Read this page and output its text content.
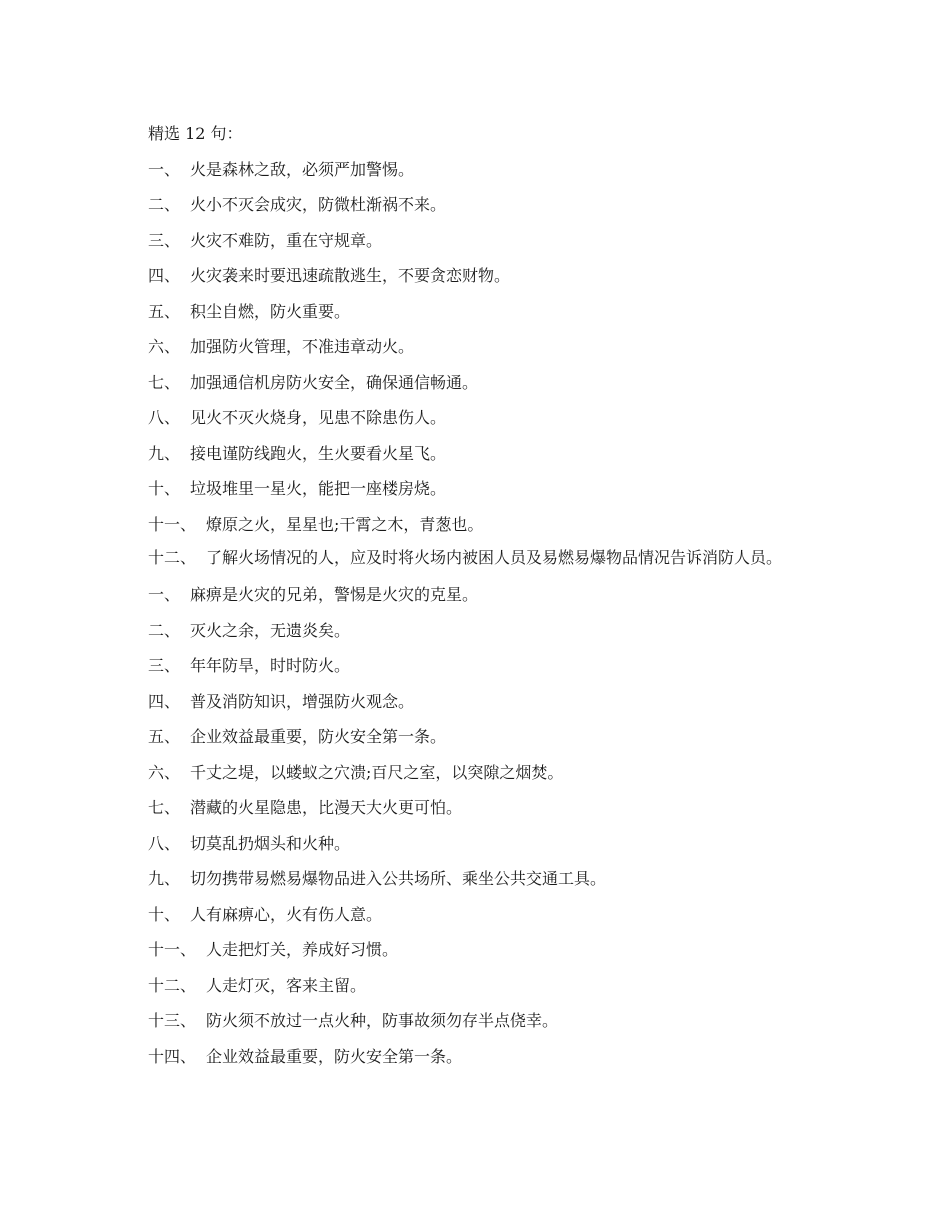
精选 12 句：

一、 火是森林之敌，必须严加警惕。

二、 火小不灭会成灾，防微杜渐祸不来。

三、 火灾不难防，重在守规章。

四、 火灾袭来时要迅速疏散逃生，不要贪恋财物。

五、 积尘自燃，防火重要。

六、 加强防火管理，不准违章动火。

七、 加强通信机房防火安全，确保通信畅通。

八、 见火不灭火烧身，见患不除患伤人。

九、 接电谨防线跑火，生火要看火星飞。

十、 垃圾堆里一星火，能把一座楼房烧。

十一、 燎原之火，星星也;干霄之木，青葱也。

十二、 了解火场情况的人，应及时将火场内被困人员及易燃易爆物品情况告诉消防人员。

一、 麻痹是火灾的兄弟，警惕是火灾的克星。

二、 灭火之余，无遗炎矣。

三、 年年防旱，时时防火。

四、 普及消防知识，增强防火观念。

五、 企业效益最重要，防火安全第一条。

六、 千丈之堤，以蝼蚁之穴溃;百尺之室，以突隙之烟焚。

七、 潜藏的火星隐患，比漫天大火更可怕。

八、 切莫乱扔烟头和火种。

九、 切勿携带易燃易爆物品进入公共场所、乘坐公共交通工具。

十、 人有麻痹心，火有伤人意。

十一、 人走把灯关，养成好习惯。

十二、 人走灯灭，客来主留。

十三、 防火须不放过一点火种，防事故须勿存半点侥幸。

十四、 企业效益最重要，防火安全第一条。
